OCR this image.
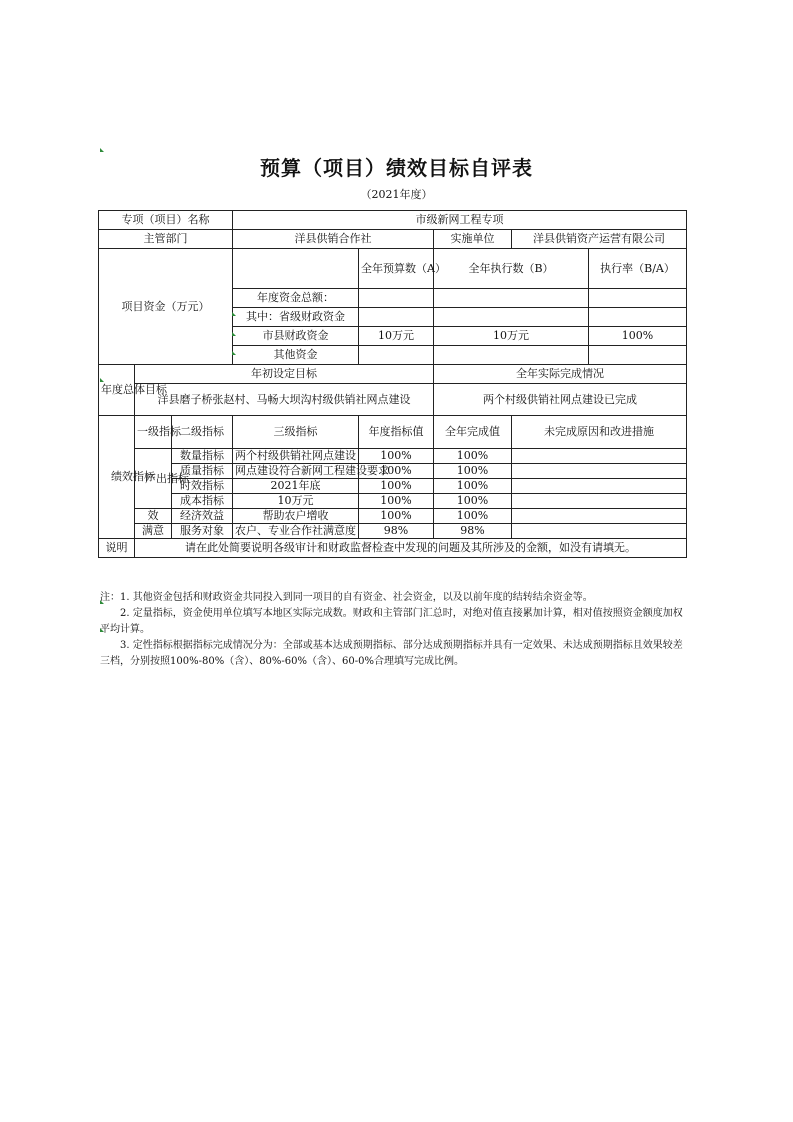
预算（项目）绩效目标自评表
（2021年度）
专项（项目）名称			市级新网工程专项				
主管部门			洋县供销合作社		实施单位	洋县供销资产运营有限公司	
项目资金（万元）				全年预算数（A）	全年执行数（B）		执行率（B/A）
			年度资金总额：				
			其中：省级财政资金				
			市县财政资金	10万元	10万元		100%
			其他资金				
年度总体目标	年初设定目标				全年实际完成情况		
	洋县磨子桥张赵村、马畅大坝沟村级供销社网点建设				两个村级供销社网点建设已完成		
绩效指标	一级指标	二级指标	三级指标	年度指标值	全年完成值	未完成原因和改进措施	
	产出指标	数量指标	两个村级供销社网点建设	100%	100%		
		质量指标	网点建设符合新网工程建设要求	100%	100%		
		时效指标	2021年底	100%	100%		
		成本指标	10万元	100%	100%		
	效	经济效益	帮助农户增收	100%	100%		
	满意	服务对象	农户、专业合作社满意度	98%	98%		
说明	请在此处简要说明各级审计和财政监督检查中发现的问题及其所涉及的金额，如没有请填无。						

注：1. 其他资金包括和财政资金共同投入到同一项目的自有资金、社会资金，以及以前年度的结转结余资金等。

2. 定量指标，资金使用单位填写本地区实际完成数。财政和主管部门汇总时，对绝对值直接累加计算，相对值按照资金额度加权平均计算。

3. 定性指标根据指标完成情况分为：全部或基本达成预期指标、部分达成预期指标并具有一定效果、未达成预期指标且效果较差三档，分别按照100%-80%（含）、80%-60%（含）、60-0%合理填写完成比例。
